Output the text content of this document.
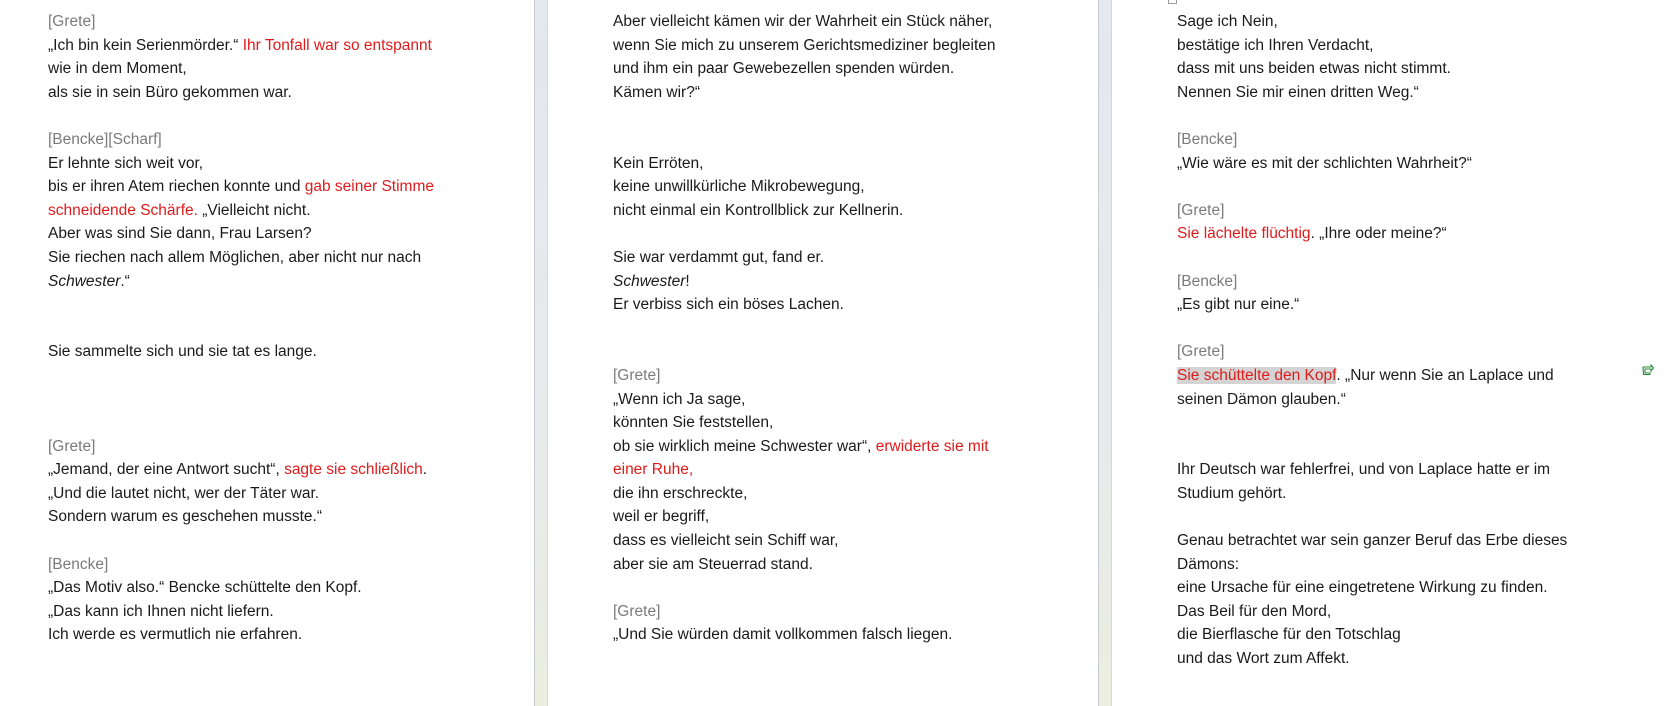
[Grete]
„Ich bin kein Serienmörder.“ Ihr Tonfall war so entspannt
wie in dem Moment,
als sie in sein Büro gekommen war.
[Bencke][Scharf]
Er lehnte sich weit vor,
bis er ihren Atem riechen konnte und gab seiner Stimme
schneidende Schärfe. „Vielleicht nicht.
Aber was sind Sie dann, Frau Larsen?
Sie riechen nach allem Möglichen, aber nicht nur nach
Schwester.“
Sie sammelte sich und sie tat es lange.
[Grete]
„Jemand, der eine Antwort sucht“, sagte sie schließlich.
„Und die lautet nicht, wer der Täter war.
Sondern warum es geschehen musste.“
[Bencke]
„Das Motiv also.“ Bencke schüttelte den Kopf.
„Das kann ich Ihnen nicht liefern.
Ich werde es vermutlich nie erfahren.
Aber vielleicht kämen wir der Wahrheit ein Stück näher,
wenn Sie mich zu unserem Gerichtsmediziner begleiten
und ihm ein paar Gewebezellen spenden würden.
Kämen wir?“
Kein Erröten,
keine unwillkürliche Mikrobewegung,
nicht einmal ein Kontrollblick zur Kellnerin.
Sie war verdammt gut, fand er.
Schwester!
Er verbiss sich ein böses Lachen.
[Grete]
„Wenn ich Ja sage,
könnten Sie feststellen,
ob sie wirklich meine Schwester war“, erwiderte sie mit
einer Ruhe,
die ihn erschreckte,
weil er begriff,
dass es vielleicht sein Schiff war,
aber sie am Steuerrad stand.
[Grete]
„Und Sie würden damit vollkommen falsch liegen.
Sage ich Nein,
bestätige ich Ihren Verdacht,
dass mit uns beiden etwas nicht stimmt.
Nennen Sie mir einen dritten Weg.“
[Bencke]
„Wie wäre es mit der schlichten Wahrheit?“
[Grete]
Sie lächelte flüchtig. „Ihre oder meine?“
[Bencke]
„Es gibt nur eine.“
[Grete]
Sie schüttelte den Kopf. „Nur wenn Sie an Laplace und
seinen Dämon glauben.“
Ihr Deutsch war fehlerfrei, und von Laplace hatte er im
Studium gehört.
Genau betrachtet war sein ganzer Beruf das Erbe dieses
Dämons:
eine Ursache für eine eingetretene Wirkung zu finden.
Das Beil für den Mord,
die Bierflasche für den Totschlag
und das Wort zum Affekt.
